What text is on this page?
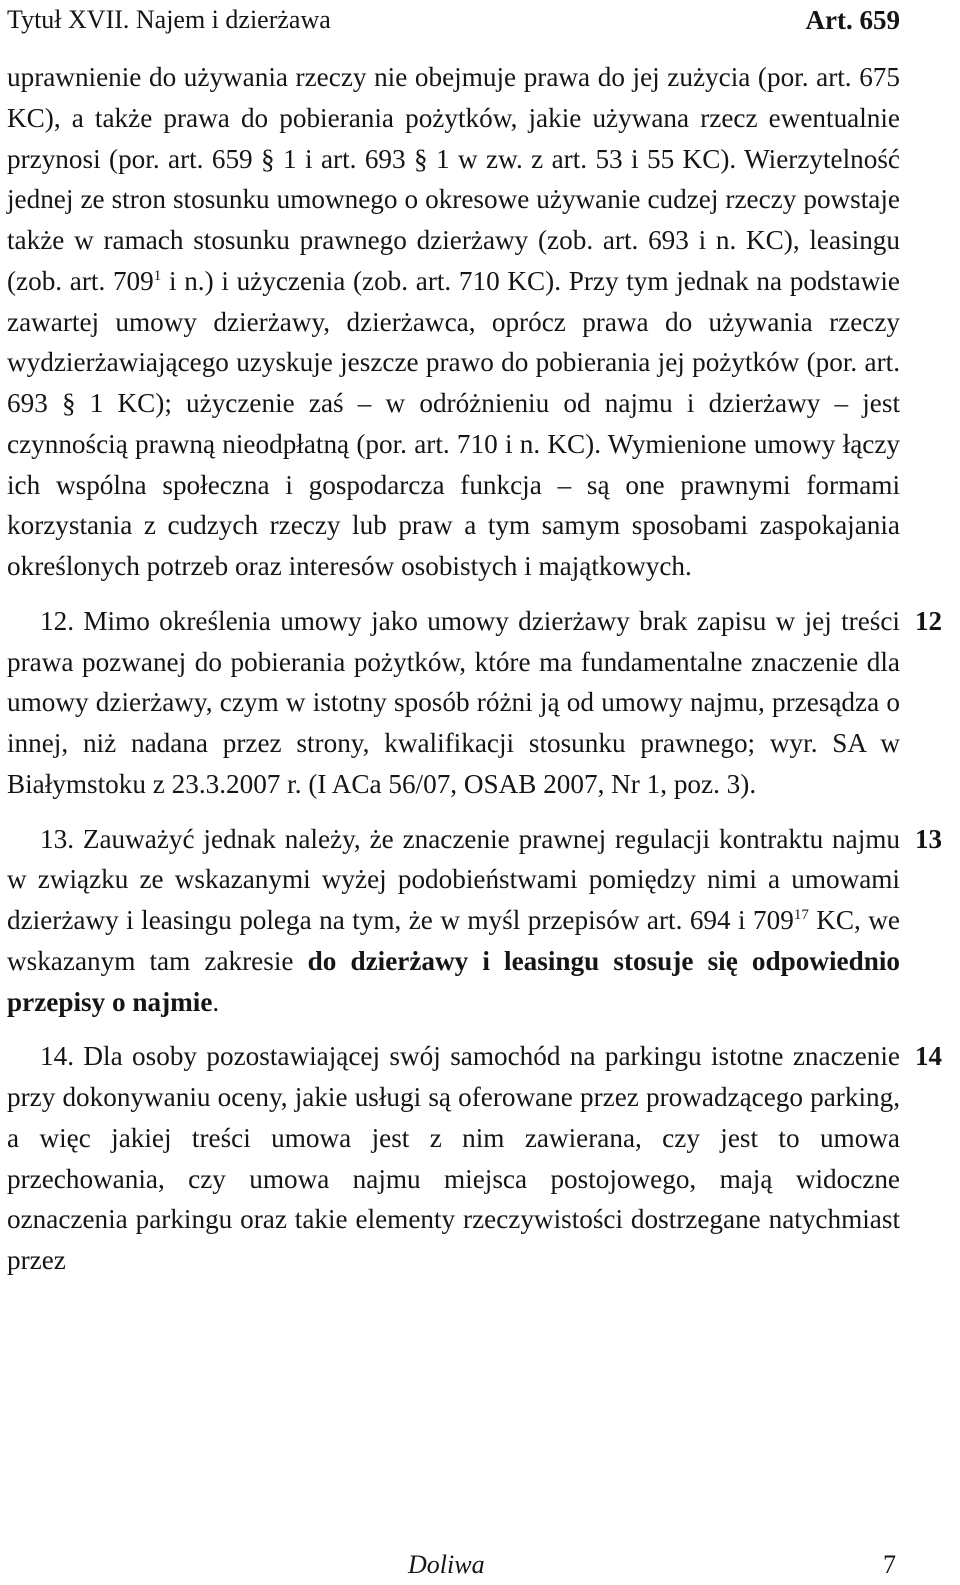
Tytuł XVII. Najem i dzierżawa	Art. 659

uprawnienie do używania rzeczy nie obejmuje prawa do jej zużycia (por. art. 675 KC), a także prawa do pobierania pożytków, jakie używana rzecz ewentualnie przynosi (por. art. 659 § 1 i art. 693 § 1 w zw. z art. 53 i 55 KC). Wierzytelność jednej ze stron stosunku umownego o okresowe używanie cudzej rzeczy powstaje także w ramach stosunku prawnego dzierżawy (zob. art. 693 i n. KC), leasingu (zob. art. $709^1$ i n.) i użyczenia (zob. art. 710 KC). Przy tym jednak na podstawie zawartej umowy dzierżawy, dzierżawca, oprócz prawa do używania rzeczy wydzierżawiającego uzyskuje jeszcze prawo do pobierania jej pożytków (por. art. 693 § 1 KC); użyczenie zaś – w odróżnieniu od najmu i dzierżawy – jest czynnością prawną nieodpłatną (por. art. 710 i n. KC). Wymienione umowy łączy ich wspólna społeczna i gospodarcza funkcja – są one prawnymi formami korzystania z cudzych rzeczy lub praw a tym samym sposobami zaspokajania określonych potrzeb oraz interesów osobistych i majątkowych.

12. Mimo określenia umowy jako umowy dzierżawy brak zapisu w jej treści prawa pozwanej do pobierania pożytków, które ma fundamentalne znaczenie dla umowy dzierżawy, czym w istotny sposób różni ją od umowy najmu, przesądza o innej, niż nadana przez strony, kwalifikacji stosunku prawnego; wyr. SA w Białymstoku z 23.3.2007 r. (I ACa 56/07, OSAB 2007, Nr 1, poz. 3).
12

13. Zauważyć jednak należy, że znaczenie prawnej regulacji kontraktu najmu w związku ze wskazanymi wyżej podobieństwami pomiędzy nimi a umowami dzierżawy i leasingu polega na tym, że w myśl przepisów art. 694 i $709^{17}$ KC, we wskazanym tam zakresie do dzierżawy i leasingu stosuje się odpowiednio przepisy o najmie.
13

14. Dla osoby pozostawiającej swój samochód na parkingu istotne znaczenie przy dokonywaniu oceny, jakie usługi są oferowane przez prowadzącego parking, a więc jakiej treści umowa jest z nim zawierana, czy jest to umowa przechowania, czy umowa najmu miejsca postojowego, mają widoczne oznaczenia parkingu oraz takie elementy rzeczywistości dostrzegane natychmiast przez
14

Doliwa	7
